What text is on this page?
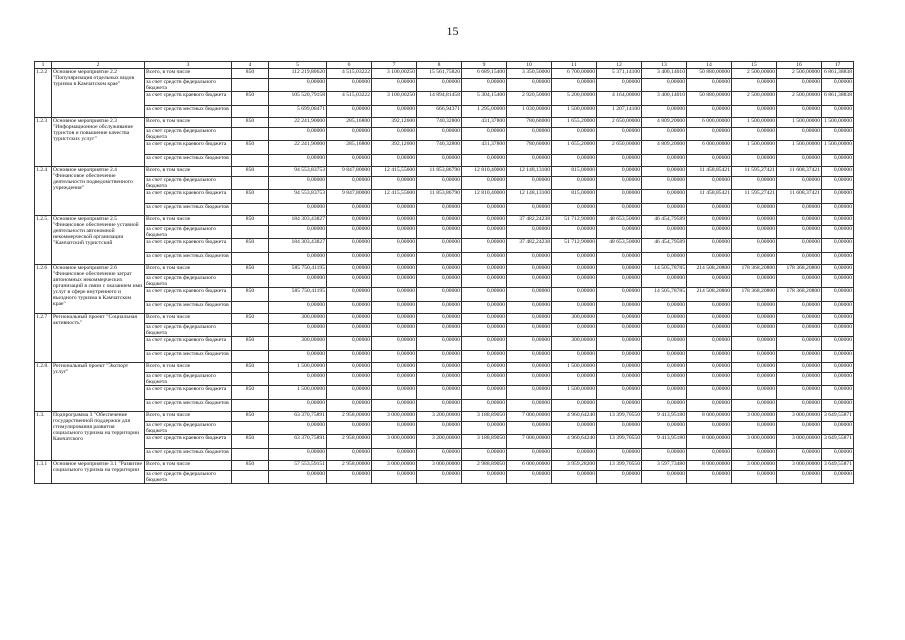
15
1	2	3	4	5	6	7	8	9	10	11	12	13	14	15	16	17
1.2.2	Основное мероприятие 2.2 "Популяризация отдельных видов туризма в Камчатском крае"	Всего, в том числе	850	112 219,80620	4 515,03222	3 100,00250	15 561,75820	6 689,15400	3 350,50000	6 700,00000	5 371,14100	3 400,14010	50 880,00000	2 500,00000	2 500,00000	6 861,38838
		за счет средств федерального бюджета		0,00000	0,00000	0,00000	0,00000	0,00000	0,00000	0,00000	0,00000	0,00000	0,00000	0,00000	0,00000	0,00000
		за счет средств краевого бюджета	850	105 520,79158	4 515,03222	3 100,00250	14 894,81458	5 304,15400	2 920,50000	5 200,00000	4 164,00000	3 400,14010	50 880,00000	2 500,00000	2 500,00000	6 861,38838
		за счет средств местных бюджетов		5 699,08471	0,00000	0,00000	666,94371	1 295,00000	1 030,00000	1 500,00000	1 207,14100	0,00000	0,00000	0,00000	0,00000	0,00000
1.2.3	Основное мероприятие 2.3 "Информационное обслуживание туристов и повышение качества туристских услуг"	Всего, в том числе	850	22 241,90000	285,16800	392,12600	740,32800	431,37800	780,60000	1 655,20000	2 650,00000	4 809,20000	6 000,00000	1 500,00000	1 500,00000	1 500,00000
		за счет средств федерального бюджета		0,00000	0,00000	0,00000	0,00000	0,00000	0,00000	0,00000	0,00000	0,00000	0,00000	0,00000	0,00000	0,00000
		за счет средств краевого бюджета	850	22 241,90000	285,16800	392,12600	740,32800	431,37800	780,60000	1 655,20000	2 650,00000	4 809,20000	6 000,00000	1 500,00000	1 500,00000	1 500,00000
		за счет средств местных бюджетов		0,00000	0,00000	0,00000	0,00000	0,00000	0,00000	0,00000	0,00000	0,00000	0,00000	0,00000	0,00000	0,00000
1.2.4	Основное мероприятие 2.4 "Финансовое обеспечение деятельности подведомственного учреждения"	Всего, в том числе	850	94 553,83753	9 847,80000	12 415,55600	11 853,86790	12 810,40000	12 148,13100	815,00000	0,00000	0,00000	11 458,85421	11 595,27421	11 608,37421	0,00000
		за счет средств федерального бюджета		0,00000	0,00000	0,00000	0,00000	0,00000	0,00000	0,00000	0,00000	0,00000	0,00000	0,00000	0,00000	0,00000
		за счет средств краевого бюджета	850	94 553,83753	9 847,80000	12 415,55600	11 853,86790	12 810,40000	12 148,13100	815,00000	0,00000	0,00000	11 458,85421	11 595,27421	11 608,37421	0,00000
		за счет средств местных бюджетов		0,00000	0,00000	0,00000	0,00000	0,00000	0,00000	0,00000	0,00000	0,00000	0,00000	0,00000	0,00000	0,00000
1.2.5.	Основное мероприятие 2.5 "Финансовое обеспечение уставной деятельности автономной некоммерческой организации "Камчатский туристский	Всего, в том числе	850	184 303,43827	0,00000	0,00000	0,00000	0,00000	37 482,24238	51 712,90000	48 653,50000	46 454,79589	0,00000	0,00000	0,00000	0,00000
		за счет средств федерального бюджета		0,00000	0,00000	0,00000	0,00000	0,00000	0,00000	0,00000	0,00000	0,00000	0,00000	0,00000	0,00000	0,00000
		за счет средств краевого бюджета	850	184 303,43827	0,00000	0,00000	0,00000	0,00000	37 482,24238	51 712,90000	48 653,50000	46 454,79589	0,00000	0,00000	0,00000	0,00000
		за счет средств местных бюджетов		0,00000	0,00000	0,00000	0,00000	0,00000	0,00000	0,00000	0,00000	0,00000	0,00000	0,00000	0,00000	0,00000
1.2.6	Основное мероприятие 2.6 "Финансовое обеспечение затрат автономных некоммерческих организаций в связи с оказанием ими услуг в сфере внутреннего и въездного туризма в Камчатском крае"	Всего, в том числе	850	585 750,41195	0,00000	0,00000	0,00000	0,00000	0,00000	0,00000	0,00000	14 505,78785	214 508,20800	178 368,20800	178 368,20800	0,00000
		за счет средств федерального бюджета		0,00000	0,00000	0,00000	0,00000	0,00000	0,00000	0,00000	0,00000	0,00000	0,00000	0,00000	0,00000	0,00000
		за счет средств краевого бюджета	850	585 750,41195	0,00000	0,00000	0,00000	0,00000	0,00000	0,00000	0,00000	14 505,78785	214 508,20800	178 368,20800	178 368,20800	0,00000
		за счет средств местных бюджетов		0,00000	0,00000	0,00000	0,00000	0,00000	0,00000	0,00000	0,00000	0,00000	0,00000	0,00000	0,00000	0,00000
1.2.7	Региональный проект "Социальная активность"	Всего, в том числе	850	300,00000	0,00000	0,00000	0,00000	0,00000	0,00000	300,00000	0,00000	0,00000	0,00000	0,00000	0,00000	0,00000
		за счет средств федерального бюджета		0,00000	0,00000	0,00000	0,00000	0,00000	0,00000	0,00000	0,00000	0,00000	0,00000	0,00000	0,00000	0,00000
		за счет средств краевого бюджета	850	300,00000	0,00000	0,00000	0,00000	0,00000	0,00000	300,00000	0,00000	0,00000	0,00000	0,00000	0,00000	0,00000
		за счет средств местных бюджетов		0,00000	0,00000	0,00000	0,00000	0,00000	0,00000	0,00000	0,00000	0,00000	0,00000	0,00000	0,00000	0,00000
1.2.8.	Региональный проект "Экспорт услуг"	Всего, в том числе	850	1 500,00000	0,00000	0,00000	0,00000	0,00000	0,00000	1 500,00000	0,00000	0,00000	0,00000	0,00000	0,00000	0,00000
		за счет средств федерального бюджета		0,00000	0,00000	0,00000	0,00000	0,00000	0,00000	0,00000	0,00000	0,00000	0,00000	0,00000	0,00000	0,00000
		за счет средств краевого бюджета	850	1 500,00000	0,00000	0,00000	0,00000	0,00000	0,00000	1 500,00000	0,00000	0,00000	0,00000	0,00000	0,00000	0,00000
		за счет средств местных бюджетов		0,00000	0,00000	0,00000	0,00000	0,00000	0,00000	0,00000	0,00000	0,00000	0,00000	0,00000	0,00000	0,00000
1.3.	Подпрограмма 3 "Обеспечение государственной поддержки для стимулирования развития социального туризма на территории Камчатского	Всего, в том числе	850	63 370,75891	2 958,00000	3 000,00000	3 200,00000	3 188,89050	7 000,00000	4 960,64240	13 399,70550	9 413,95180	8 000,00000	3 000,00000	3 000,00000	3 649,55871
		за счет средств федерального бюджета		0,00000	0,00000	0,00000	0,00000	0,00000	0,00000	0,00000	0,00000	0,00000	0,00000	0,00000	0,00000	0,00000
		за счет средств краевого бюджета	850	63 370,75891	2 958,00000	3 000,00000	3 200,00000	3 188,89050	7 000,00000	4 960,64240	13 399,70550	9 413,95180	8 000,00000	3 000,00000	3 000,00000	3 649,55871
		за счет средств местных бюджетов		0,00000	0,00000	0,00000	0,00000	0,00000	0,00000	0,00000	0,00000	0,00000	0,00000	0,00000	0,00000	0,00000
1.3.1	Основное мероприятие 3.1 "Развитие социального туризма на территории	Всего, в том числе	850	57 553,59151	2 958,00000	3 000,00000	3 000,00000	2 988,89050	6 000,00000	3 959,28200	13 399,70550	3 597,73480	8 000,00000	3 000,00000	3 000,00000	3 649,55871
		за счет средств федерального бюджета		0,00000	0,00000	0,00000	0,00000	0,00000	0,00000	0,00000	0,00000	0,00000	0,00000	0,00000	0,00000	0,00000
